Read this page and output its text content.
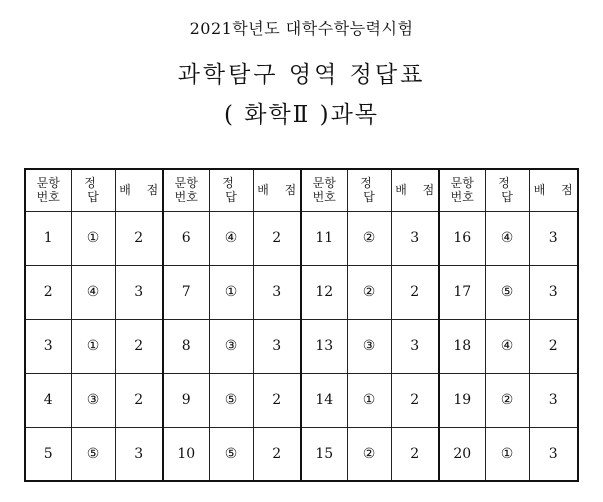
2021학년도 대학수학능력시험
과학탐구 영역 정답표
( 화학Ⅱ )과목
문항번호	정 답	배 점	문항번호	정 답	배 점	문항번호	정 답	배 점	문항번호	정 답	배 점
1	①	2	6	④	2	11	②	3	16	④	3
2	④	3	7	①	3	12	②	2	17	⑤	3
3	①	2	8	③	3	13	③	3	18	④	2
4	③	2	9	⑤	2	14	①	2	19	②	3
5	⑤	3	10	⑤	2	15	②	2	20	①	3
